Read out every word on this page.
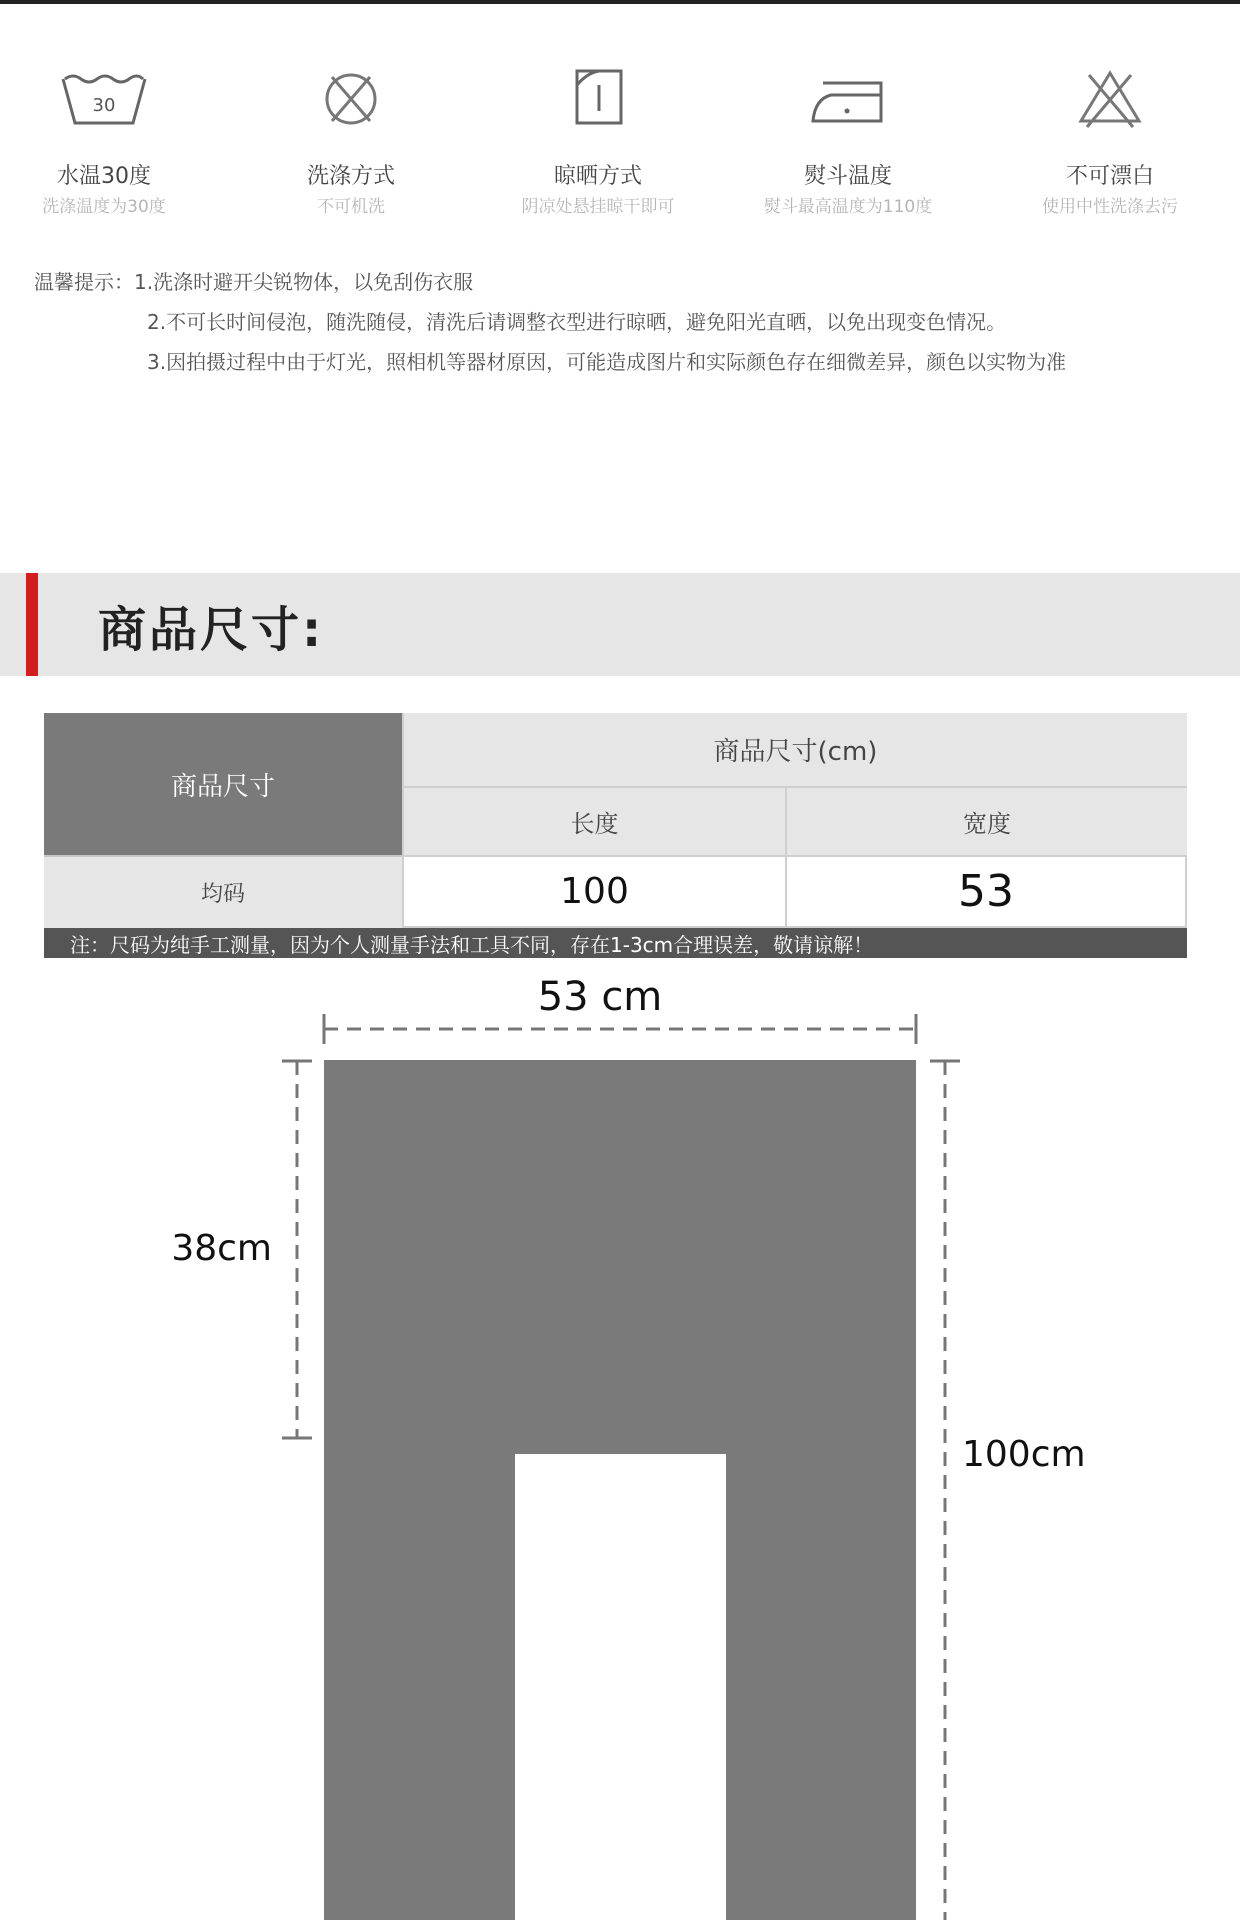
30
水温30度
洗涤温度为30度
洗涤方式
不可机洗
晾晒方式
阴凉处悬挂晾干即可
熨斗温度
熨斗最高温度为110度
不可漂白
使用中性洗涤去污
温馨提示：1.洗涤时避开尖锐物体，以免刮伤衣服
2.不可长时间侵泡，随洗随侵，清洗后请调整衣型进行晾晒，避免阳光直晒，以免出现变色情况。
3.因拍摄过程中由于灯光，照相机等器材原因，可能造成图片和实际颜色存在细微差异，颜色以实物为准
商品尺寸:
商品尺寸
商品尺寸(cm)
长度	宽度
均码	100	53
注：尺码为纯手工测量，因为个人测量手法和工具不同，存在1-3cm合理误差，敬请谅解！
53 cm
38cm
100cm
